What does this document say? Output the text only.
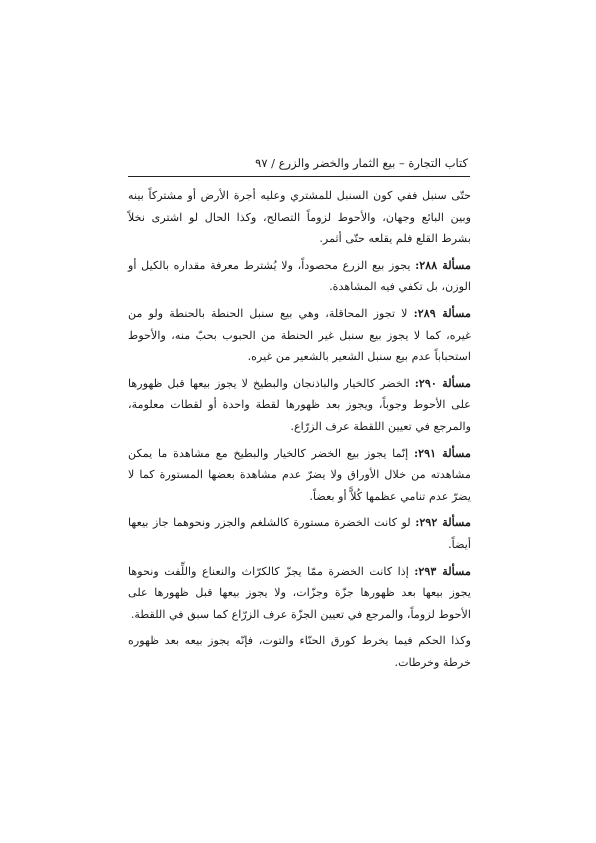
كتاب التجارة – بيع الثمار والخضر والزرع / ٩٧

حتّى سنبل ففي كون السنبل للمشتري وعليه أجرة الأرض أو مشتركاً بينه وبين البائع وجهان، والأحوط لزوماً التصالح، وكذا الحال لو اشترى نخلاً بشرط القلع فلم يقلعه حتّى أثمر.

مسألة ٢٨٨: يجوز بيع الزرع محصوداً، ولا يُشترط معرفة مقداره بالكيل أو الوزن، بل تكفي فيه المشاهدة.

مسألة ٢٨٩: لا تجوز المحاقلة، وهي بيع سنبل الحنطة بالحنطة ولو من غيره، كما لا يجوز بيع سنبل غير الحنطة من الحبوب بحبّ منه، والأحوط استحباباً عدم بيع سنبل الشعير بالشعير من غيره.

مسألة ٢٩٠: الخضر كالخيار والباذنجان والبطيخ لا يجوز بيعها قبل ظهورها على الأحوط وجوباً، ويجوز بعد ظهورها لقطة واحدة أو لقطات معلومة، والمرجع في تعيين اللقطة عرف الزرّاع.

مسألة ٢٩١: إنّما يجوز بيع الخضر كالخيار والبطيخ مع مشاهدة ما يمكن مشاهدته من خلال الأوراق ولا يضرّ عدم مشاهدة بعضها المستورة كما لا يضرّ عدم تنامي عظمها كُلاًّ أو بعضاً.

مسألة ٢٩٢: لو كانت الخضرة مستورة كالشلغم والجزر ونحوهما جاز بيعها أيضاً.

مسألة ٢٩٣: إذا كانت الخضرة ممّا يجزّ كالكرّاث والنعناع واللِّفت ونحوها يجوز بيعها بعد ظهورها جزّة وجزّات، ولا يجوز بيعها قبل ظهورها على الأحوط لزوماً، والمرجع في تعيين الجزّة عرف الزرّاع كما سبق في اللقطة.

وكذا الحكم فيما يخرط كورق الحنّاء والتوت، فإنّه يجوز بيعه بعد ظهوره خرطة وخرطات.
